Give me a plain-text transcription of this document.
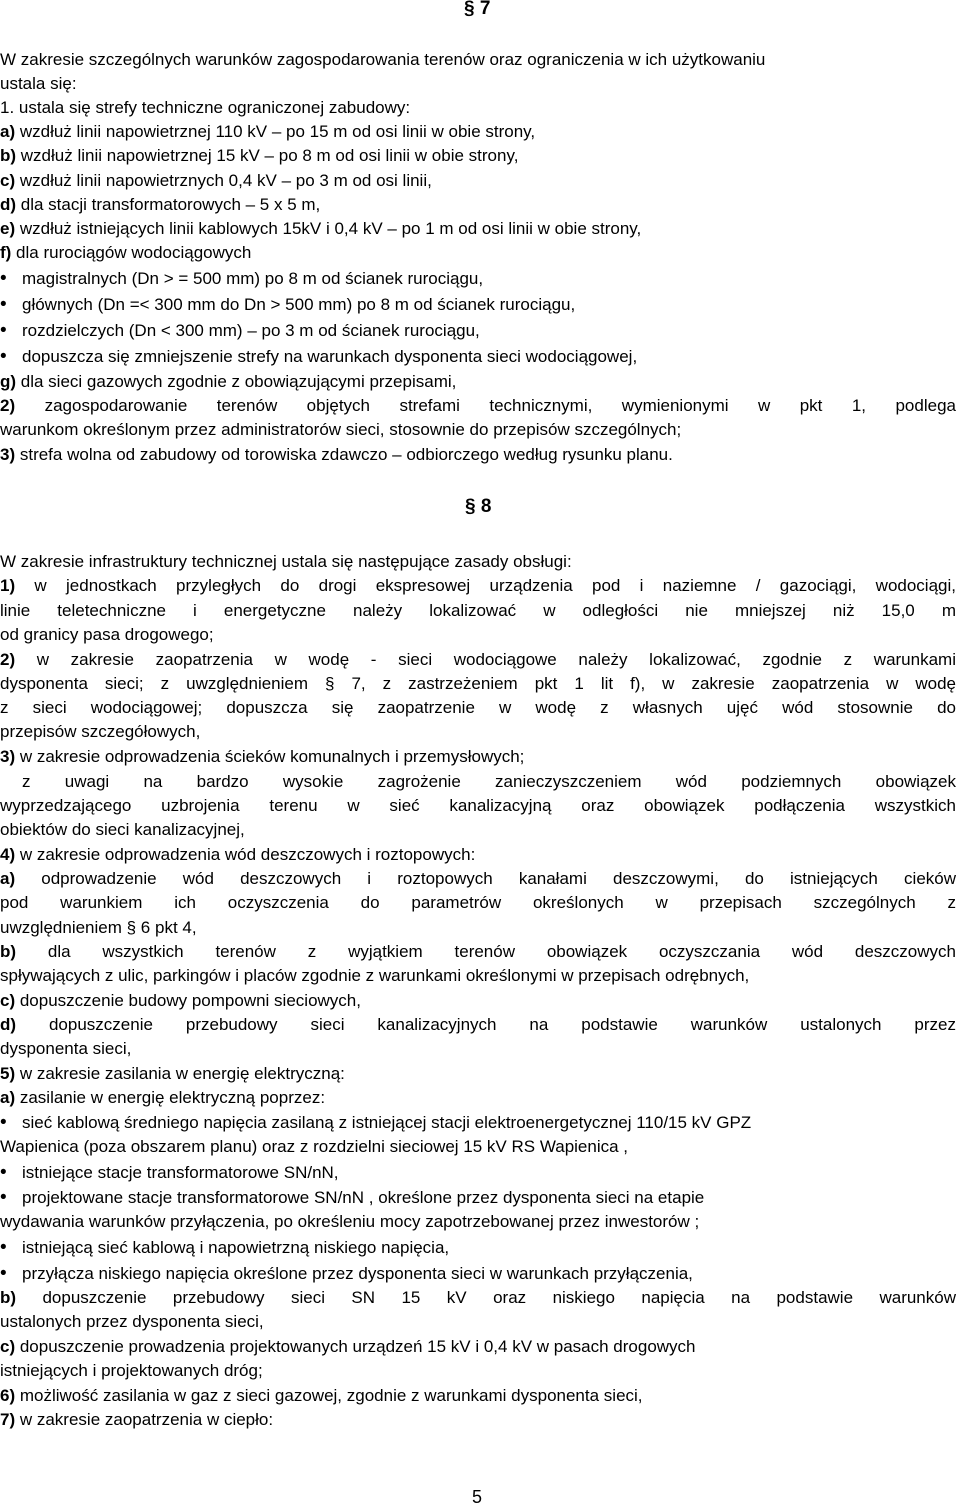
§ 7
W zakresie szczególnych warunków zagospodarowania terenów oraz ograniczenia w ich użytkowaniu
ustala się:
1. ustala się strefy techniczne ograniczonej zabudowy:
a) wzdłuż linii napowietrznej 110 kV – po 15 m od osi linii w obie strony,
b) wzdłuż linii napowietrznej 15 kV – po 8 m od osi linii w obie strony,
c) wzdłuż linii napowietrznych 0,4 kV – po 3 m od osi linii,
d) dla stacji transformatorowych – 5 x 5 m,
e) wzdłuż istniejących linii kablowych 15kV i 0,4 kV – po 1 m od osi linii w obie strony,
f) dla rurociągów wodociągowych
• magistralnych (Dn > = 500 mm) po 8 m od ścianek rurociągu,
• głównych (Dn =< 300 mm do Dn > 500 mm) po 8 m od ścianek rurociągu,
• rozdzielczych (Dn < 300 mm) – po 3 m od ścianek rurociągu,
• dopuszcza się zmniejszenie strefy na warunkach dysponenta sieci wodociągowej,
g) dla sieci gazowych zgodnie z obowiązującymi przepisami,
2) zagospodarowanie terenów objętych strefami technicznymi, wymienionymi w pkt 1, podlega
warunkom określonym przez administratorów sieci, stosownie do przepisów szczególnych;
3) strefa wolna od zabudowy od torowiska zdawczo – odbiorczego według rysunku planu.
§ 8
W zakresie infrastruktury technicznej ustala się następujące zasady obsługi:
1) w jednostkach przyległych do drogi ekspresowej urządzenia pod i naziemne / gazociągi, wodociągi,
linie teletechniczne i energetyczne należy lokalizować w odległości nie mniejszej niż 15,0 m
od granicy pasa drogowego;
2) w zakresie zaopatrzenia w wodę - sieci wodociągowe należy lokalizować, zgodnie z warunkami
dysponenta sieci; z uwzględnieniem § 7, z zastrzeżeniem pkt 1 lit f), w zakresie zaopatrzenia w wodę
z sieci wodociągowej; dopuszcza się zaopatrzenie w wodę z własnych ujęć wód stosownie do
przepisów szczegółowych,
3) w zakresie odprowadzenia ścieków komunalnych i przemysłowych;
• z uwagi na bardzo wysokie zagrożenie zanieczyszczeniem wód podziemnych obowiązek
wyprzedzającego uzbrojenia terenu w sieć kanalizacyjną oraz obowiązek podłączenia wszystkich
obiektów do sieci kanalizacyjnej,
4) w zakresie odprowadzenia wód deszczowych i roztopowych:
a) odprowadzenie wód deszczowych i roztopowych kanałami deszczowymi, do istniejących cieków
pod warunkiem ich oczyszczenia do parametrów określonych w przepisach szczególnych z
uwzględnieniem § 6 pkt 4,
b) dla wszystkich terenów z wyjątkiem terenów obowiązek oczyszczania wód deszczowych
spływających z ulic, parkingów i placów zgodnie z warunkami określonymi w przepisach odrębnych,
c) dopuszczenie budowy pompowni sieciowych,
d) dopuszczenie przebudowy sieci kanalizacyjnych na podstawie warunków ustalonych przez
dysponenta sieci,
5) w zakresie zasilania w energię elektryczną:
a) zasilanie w energię elektryczną poprzez:
• sieć kablową średniego napięcia zasilaną z istniejącej stacji elektroenergetycznej 110/15 kV GPZ
Wapienica (poza obszarem planu) oraz z rozdzielni sieciowej 15 kV RS Wapienica ,
• istniejące stacje transformatorowe SN/nN,
• projektowane stacje transformatorowe SN/nN , określone przez dysponenta sieci na etapie
wydawania warunków przyłączenia, po określeniu mocy zapotrzebowanej przez inwestorów ;
• istniejącą sieć kablową i napowietrzną niskiego napięcia,
• przyłącza niskiego napięcia określone przez dysponenta sieci w warunkach przyłączenia,
b) dopuszczenie przebudowy sieci SN 15 kV oraz niskiego napięcia na podstawie warunków
ustalonych przez dysponenta sieci,
c) dopuszczenie prowadzenia projektowanych urządzeń 15 kV i 0,4 kV w pasach drogowych
istniejących i projektowanych dróg;
6) możliwość zasilania w gaz z sieci gazowej, zgodnie z warunkami dysponenta sieci,
7) w zakresie zaopatrzenia w ciepło:
5
